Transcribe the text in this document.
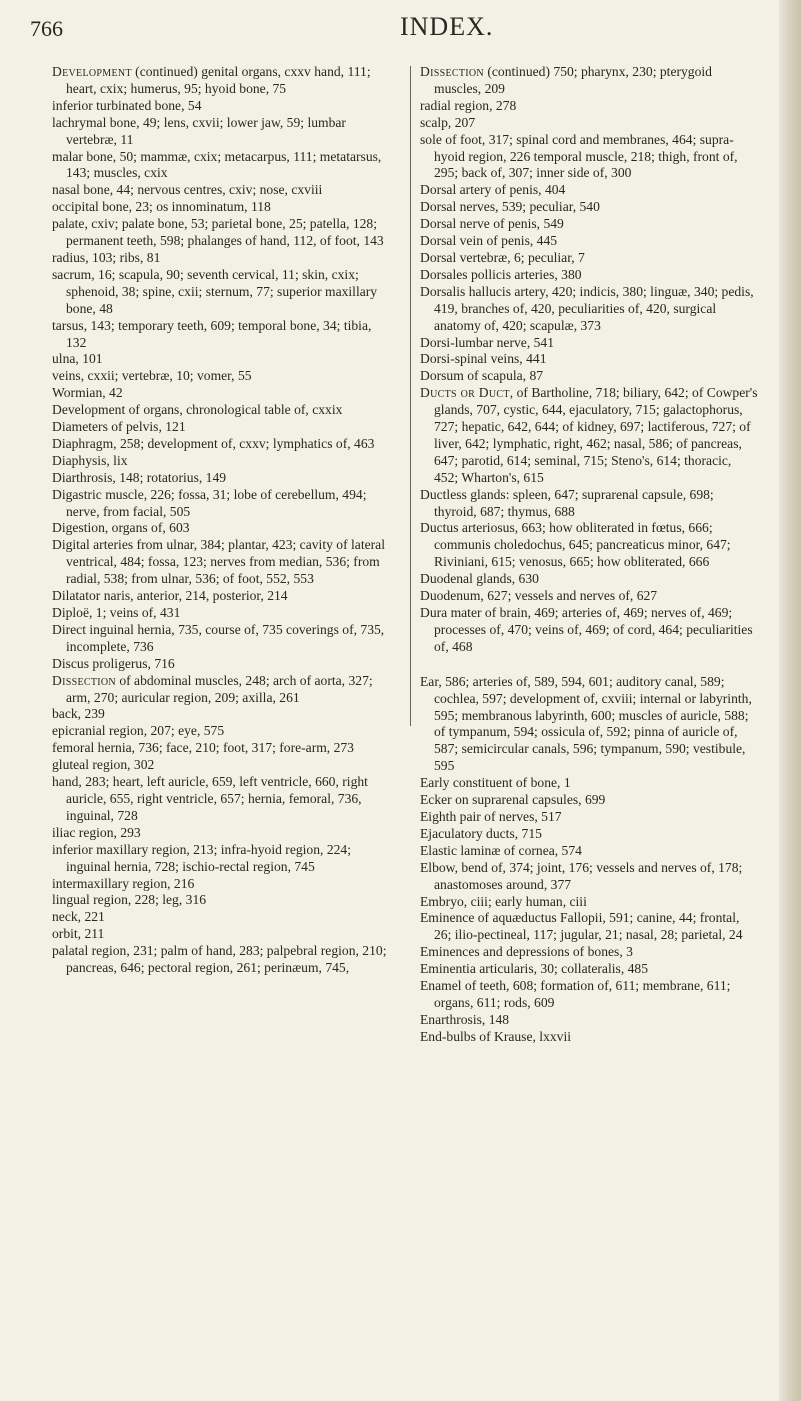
766	INDEX.

Development (continued) genital organs, cxxv hand, 111; heart, cxix; humerus, 95; hyoid bone, 75

inferior turbinated bone, 54

lachrymal bone, 49; lens, cxvii; lower jaw, 59; lumbar vertebræ, 11

malar bone, 50; mammæ, cxix; metacarpus, 111; metatarsus, 143; muscles, cxix

nasal bone, 44; nervous centres, cxiv; nose, cxviii

occipital bone, 23; os innominatum, 118

palate, cxiv; palate bone, 53; parietal bone, 25; patella, 128; permanent teeth, 598; phalanges of hand, 112, of foot, 143

radius, 103; ribs, 81

sacrum, 16; scapula, 90; seventh cervical, 11; skin, cxix; sphenoid, 38; spine, cxii; sternum, 77; superior maxillary bone, 48

tarsus, 143; temporary teeth, 609; temporal bone, 34; tibia, 132

ulna, 101

veins, cxxii; vertebræ, 10; vomer, 55

Wormian, 42

Development of organs, chronological table of, cxxix

Diameters of pelvis, 121

Diaphragm, 258; development of, cxxv; lymphatics of, 463

Diaphysis, lix

Diarthrosis, 148; rotatorius, 149

Digastric muscle, 226; fossa, 31; lobe of cerebellum, 494; nerve, from facial, 505

Digestion, organs of, 603

Digital arteries from ulnar, 384; plantar, 423; cavity of lateral ventrical, 484; fossa, 123; nerves from median, 536; from radial, 538; from ulnar, 536; of foot, 552, 553

Dilatator naris, anterior, 214, posterior, 214

Diploë, 1; veins of, 431

Direct inguinal hernia, 735, course of, 735 coverings of, 735, incomplete, 736

Discus proligerus, 716

Dissection of abdominal muscles, 248; arch of aorta, 327; arm, 270; auricular region, 209; axilla, 261

back, 239

epicranial region, 207; eye, 575

femoral hernia, 736; face, 210; foot, 317; fore-arm, 273

gluteal region, 302

hand, 283; heart, left auricle, 659, left ventricle, 660, right auricle, 655, right ventricle, 657; hernia, femoral, 736, inguinal, 728

iliac region, 293

inferior maxillary region, 213; infra-hyoid region, 224; inguinal hernia, 728; ischio-rectal region, 745

intermaxillary region, 216

lingual region, 228; leg, 316

neck, 221

orbit, 211

palatal region, 231; palm of hand, 283; palpebral region, 210; pancreas, 646; pectoral region, 261; perinæum, 745,

Dissection (continued) 750; pharynx, 230; pterygoid muscles, 209

radial region, 278

scalp, 207

sole of foot, 317; spinal cord and membranes, 464; supra-hyoid region, 226 temporal muscle, 218; thigh, front of, 295; back of, 307; inner side of, 300

Dorsal artery of penis, 404

Dorsal nerves, 539; peculiar, 540

Dorsal nerve of penis, 549

Dorsal vein of penis, 445

Dorsal vertebræ, 6; peculiar, 7

Dorsales pollicis arteries, 380

Dorsalis hallucis artery, 420; indicis, 380; linguæ, 340; pedis, 419, branches of, 420, peculiarities of, 420, surgical anatomy of, 420; scapulæ, 373

Dorsi-lumbar nerve, 541

Dorsi-spinal veins, 441

Dorsum of scapula, 87

Ducts or Duct, of Bartholine, 718; biliary, 642; of Cowper's glands, 707, cystic, 644, ejaculatory, 715; galactophorus, 727; hepatic, 642, 644; of kidney, 697; lactiferous, 727; of liver, 642; lymphatic, right, 462; nasal, 586; of pancreas, 647; parotid, 614; seminal, 715; Steno's, 614; thoracic, 452; Wharton's, 615

Ductless glands: spleen, 647; suprarenal capsule, 698; thyroid, 687; thymus, 688

Ductus arteriosus, 663; how obliterated in fœtus, 666; communis choledochus, 645; pancreaticus minor, 647; Riviniani, 615; venosus, 665; how obliterated, 666

Duodenal glands, 630

Duodenum, 627; vessels and nerves of, 627

Dura mater of brain, 469; arteries of, 469; nerves of, 469; processes of, 470; veins of, 469; of cord, 464; peculiarities of, 468

Ear, 586; arteries of, 589, 594, 601; auditory canal, 589; cochlea, 597; development of, cxviii; internal or labyrinth, 595; membranous labyrinth, 600; muscles of auricle, 588; of tympanum, 594; ossicula of, 592; pinna of auricle of, 587; semicircular canals, 596; tympanum, 590; vestibule, 595

Early constituent of bone, 1

Ecker on suprarenal capsules, 699

Eighth pair of nerves, 517

Ejaculatory ducts, 715

Elastic laminæ of cornea, 574

Elbow, bend of, 374; joint, 176; vessels and nerves of, 178; anastomoses around, 377

Embryo, ciii; early human, ciii

Eminence of aquæductus Fallopii, 591; canine, 44; frontal, 26; ilio-pectineal, 117; jugular, 21; nasal, 28; parietal, 24

Eminences and depressions of bones, 3

Eminentia articularis, 30; collateralis, 485

Enamel of teeth, 608; formation of, 611; membrane, 611; organs, 611; rods, 609

Enarthrosis, 148

End-bulbs of Krause, lxxvii
